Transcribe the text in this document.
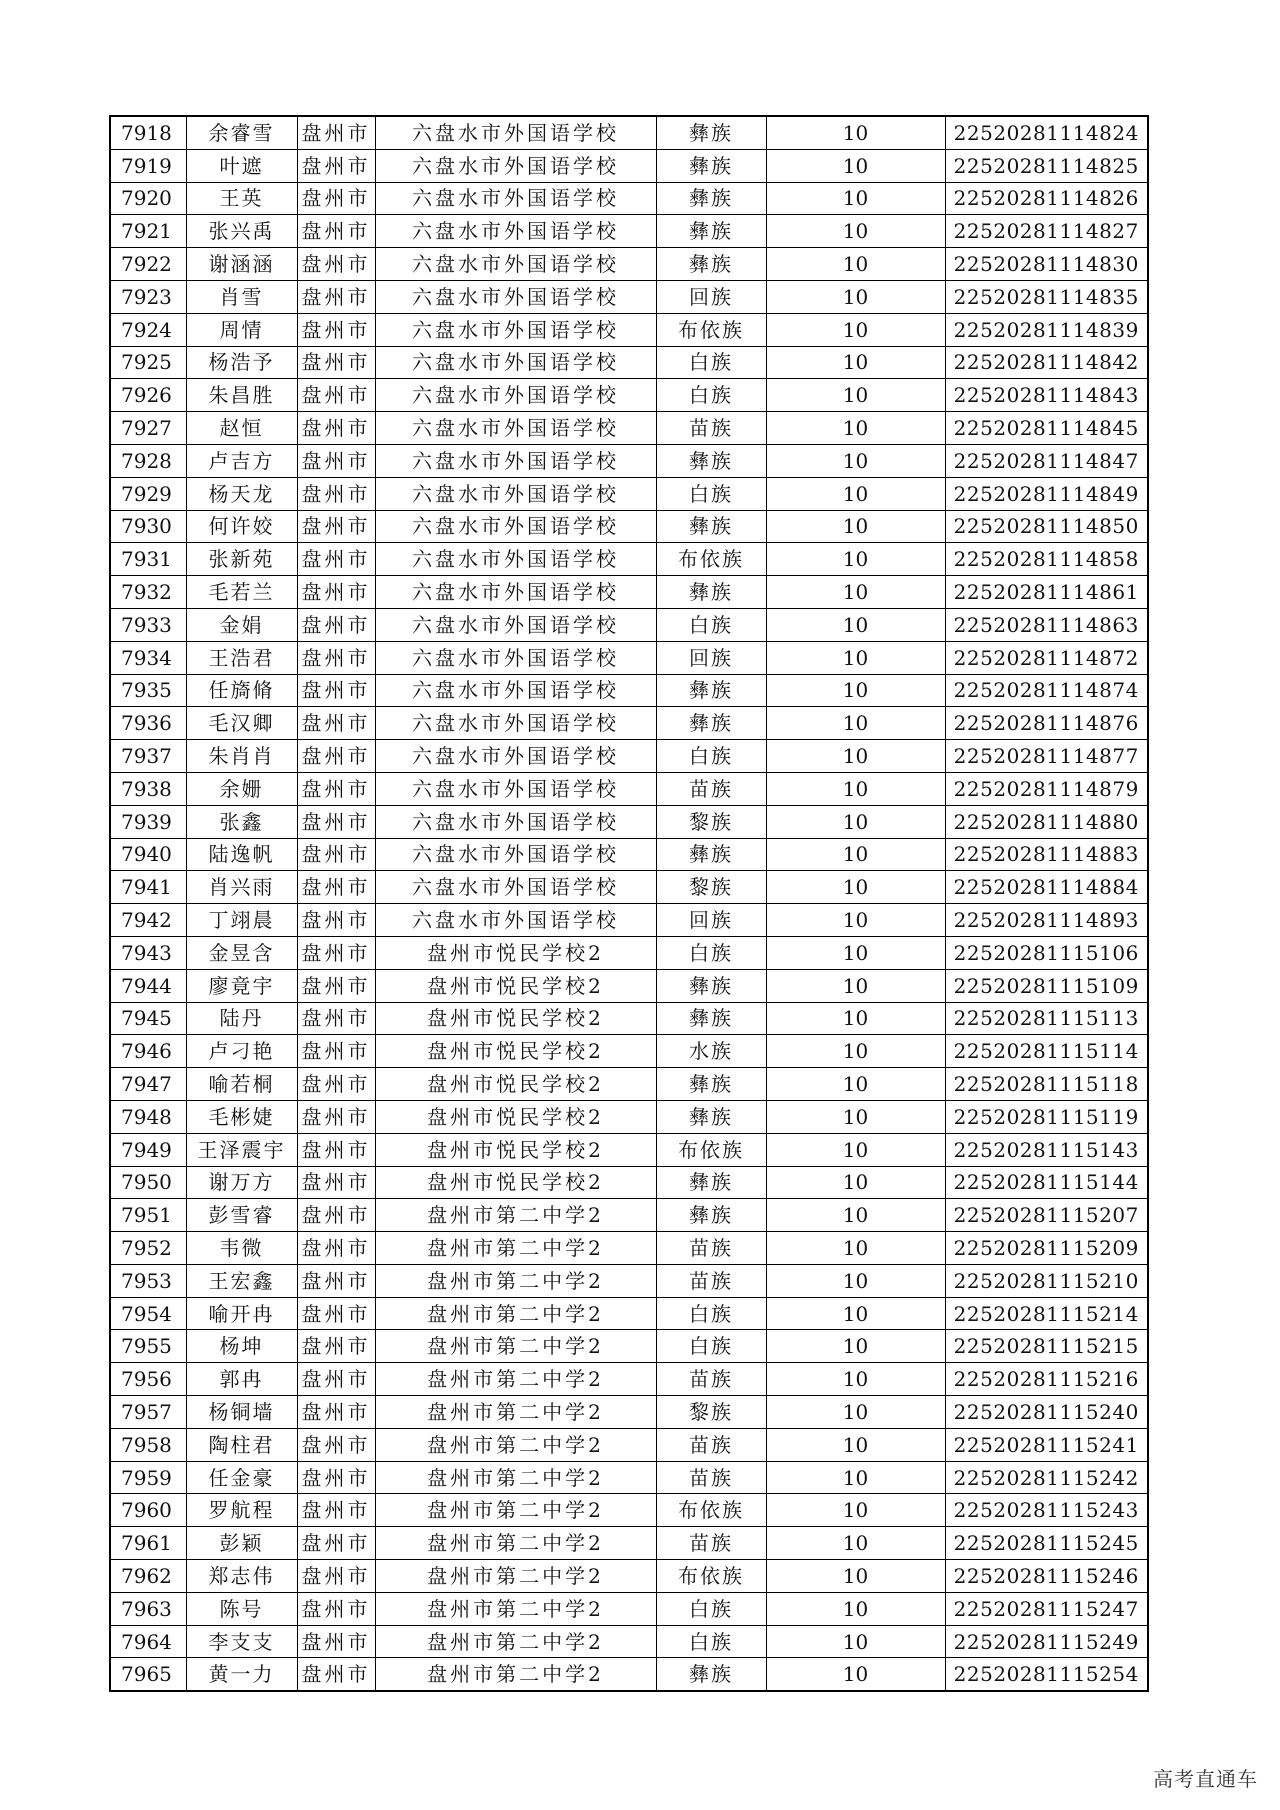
7918	余睿雪	盘州市	六盘水市外国语学校	彝族	10	22520281114824
7919	叶遮	盘州市	六盘水市外国语学校	彝族	10	22520281114825
7920	王英	盘州市	六盘水市外国语学校	彝族	10	22520281114826
7921	张兴禹	盘州市	六盘水市外国语学校	彝族	10	22520281114827
7922	谢涵涵	盘州市	六盘水市外国语学校	彝族	10	22520281114830
7923	肖雪	盘州市	六盘水市外国语学校	回族	10	22520281114835
7924	周情	盘州市	六盘水市外国语学校	布依族	10	22520281114839
7925	杨浩予	盘州市	六盘水市外国语学校	白族	10	22520281114842
7926	朱昌胜	盘州市	六盘水市外国语学校	白族	10	22520281114843
7927	赵恒	盘州市	六盘水市外国语学校	苗族	10	22520281114845
7928	卢吉方	盘州市	六盘水市外国语学校	彝族	10	22520281114847
7929	杨天龙	盘州市	六盘水市外国语学校	白族	10	22520281114849
7930	何许姣	盘州市	六盘水市外国语学校	彝族	10	22520281114850
7931	张新苑	盘州市	六盘水市外国语学校	布依族	10	22520281114858
7932	毛若兰	盘州市	六盘水市外国语学校	彝族	10	22520281114861
7933	金娟	盘州市	六盘水市外国语学校	白族	10	22520281114863
7934	王浩君	盘州市	六盘水市外国语学校	回族	10	22520281114872
7935	任旖脩	盘州市	六盘水市外国语学校	彝族	10	22520281114874
7936	毛汉卿	盘州市	六盘水市外国语学校	彝族	10	22520281114876
7937	朱肖肖	盘州市	六盘水市外国语学校	白族	10	22520281114877
7938	余姗	盘州市	六盘水市外国语学校	苗族	10	22520281114879
7939	张鑫	盘州市	六盘水市外国语学校	黎族	10	22520281114880
7940	陆逸帆	盘州市	六盘水市外国语学校	彝族	10	22520281114883
7941	肖兴雨	盘州市	六盘水市外国语学校	黎族	10	22520281114884
7942	丁翊晨	盘州市	六盘水市外国语学校	回族	10	22520281114893
7943	金昱含	盘州市	盘州市悦民学校2	白族	10	22520281115106
7944	廖竟宇	盘州市	盘州市悦民学校2	彝族	10	22520281115109
7945	陆丹	盘州市	盘州市悦民学校2	彝族	10	22520281115113
7946	卢刁艳	盘州市	盘州市悦民学校2	水族	10	22520281115114
7947	喻若桐	盘州市	盘州市悦民学校2	彝族	10	22520281115118
7948	毛彬婕	盘州市	盘州市悦民学校2	彝族	10	22520281115119
7949	王泽震宇	盘州市	盘州市悦民学校2	布依族	10	22520281115143
7950	谢万方	盘州市	盘州市悦民学校2	彝族	10	22520281115144
7951	彭雪睿	盘州市	盘州市第二中学2	彝族	10	22520281115207
7952	韦微	盘州市	盘州市第二中学2	苗族	10	22520281115209
7953	王宏鑫	盘州市	盘州市第二中学2	苗族	10	22520281115210
7954	喻开冉	盘州市	盘州市第二中学2	白族	10	22520281115214
7955	杨坤	盘州市	盘州市第二中学2	白族	10	22520281115215
7956	郭冉	盘州市	盘州市第二中学2	苗族	10	22520281115216
7957	杨铜墙	盘州市	盘州市第二中学2	黎族	10	22520281115240
7958	陶柱君	盘州市	盘州市第二中学2	苗族	10	22520281115241
7959	任金豪	盘州市	盘州市第二中学2	苗族	10	22520281115242
7960	罗航程	盘州市	盘州市第二中学2	布依族	10	22520281115243
7961	彭颖	盘州市	盘州市第二中学2	苗族	10	22520281115245
7962	郑志伟	盘州市	盘州市第二中学2	布依族	10	22520281115246
7963	陈号	盘州市	盘州市第二中学2	白族	10	22520281115247
7964	李支支	盘州市	盘州市第二中学2	白族	10	22520281115249
7965	黄一力	盘州市	盘州市第二中学2	彝族	10	22520281115254
高考直通车
